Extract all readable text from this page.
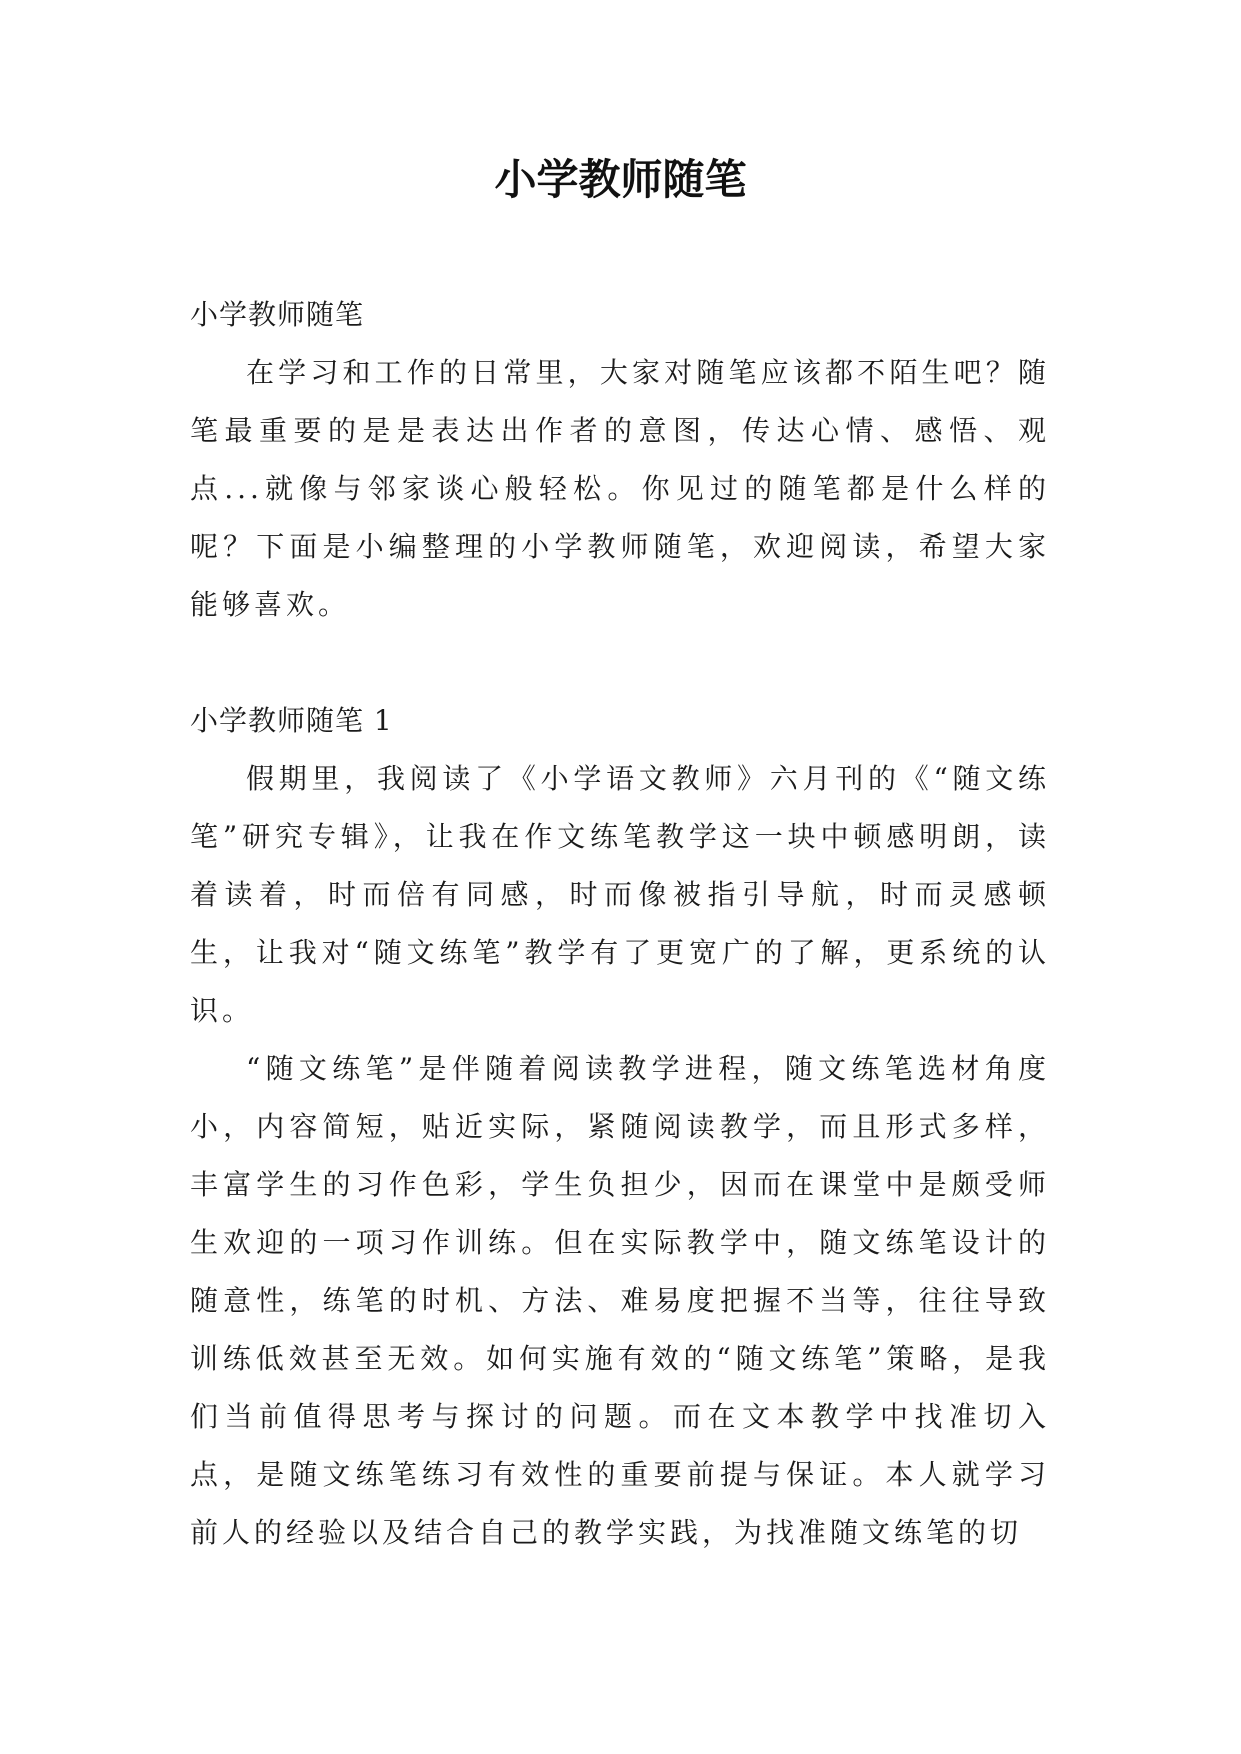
小学教师随笔

小学教师随笔

在学习和工作的日常里，大家对随笔应该都不陌生吧？随笔最重要的是是表达出作者的意图，传达心情、感悟、观点...就像与邻家谈心般轻松。你见过的随笔都是什么样的呢？下面是小编整理的小学教师随笔，欢迎阅读，希望大家能够喜欢。

小学教师随笔 1

假期里，我阅读了《小学语文教师》六月刊的《“随文练笔”研究专辑》，让我在作文练笔教学这一块中顿感明朗，读着读着，时而倍有同感，时而像被指引导航，时而灵感顿生，让我对“随文练笔”教学有了更宽广的了解，更系统的认识。

“随文练笔”是伴随着阅读教学进程，随文练笔选材角度小，内容简短，贴近实际，紧随阅读教学，而且形式多样，丰富学生的习作色彩，学生负担少，因而在课堂中是颇受师生欢迎的一项习作训练。但在实际教学中，随文练笔设计的随意性，练笔的时机、方法、难易度把握不当等，往往导致训练低效甚至无效。如何实施有效的“随文练笔”策略，是我们当前值得思考与探讨的问题。而在文本教学中找准切入点，是随文练笔练习有效性的重要前提与保证。本人就学习前人的经验以及结合自己的教学实践，为找准随文练笔的切
